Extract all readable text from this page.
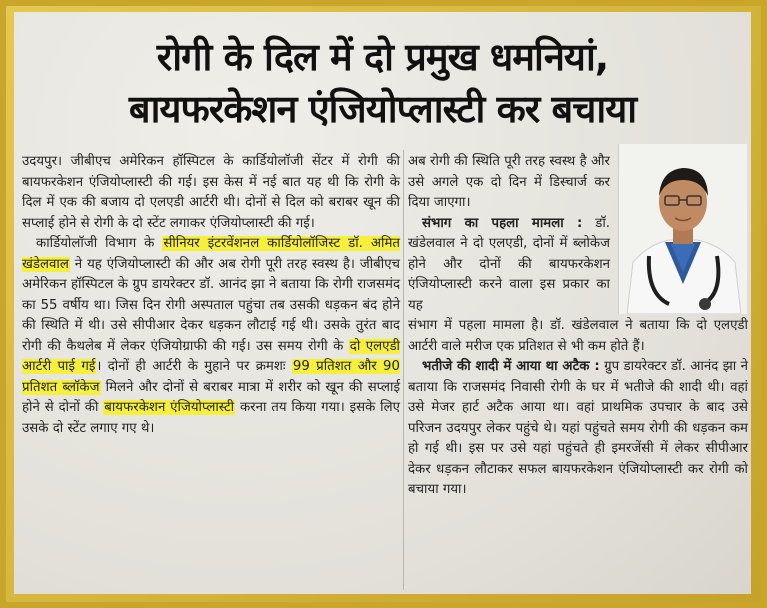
रोगी के दिल में दो प्रमुख धमनियां,
बायफरकेशन एंजियोप्लास्टी कर बचाया

उदयपुर। जीबीएच अमेरिकन हॉस्पिटल के कार्डियोलॉजी सेंटर में रोगी की बायफरकेशन एंजियोप्लास्टी की गई। इस केस में नई बात यह थी कि रोगी के दिल में एक की बजाय दो एलएडी आर्टरी थी। दोनों से दिल को बराबर खून की सप्लाई होने से रोगी के दो स्टेंट लगाकर एंजियोप्लास्टी की गई।

कार्डियोलॉजी विभाग के सीनियर इंटरवेंशनल कार्डियोलॉजिस्ट डॉ. अमित खंडेलवाल ने यह एंजियोप्लास्टी की और अब रोगी पूरी तरह स्वस्थ है। जीबीएच अमेरिकन हॉस्पिटल के ग्रुप डायरेक्टर डॉ. आनंद झा ने बताया कि रोगी राजसमंद का 55 वर्षीय था। जिस दिन रोगी अस्पताल पहुंचा तब उसकी धड़कन बंद होने की स्थिति में थी। उसे सीपीआर देकर धड़कन लौटाई गई थी। उसके तुरंत बाद रोगी की कैथलेब में लेकर एंजियोग्राफी की गई। उस समय रोगी के दो एलएडी आर्टरी पाई गई। दोनों ही आर्टरी के मुहाने पर क्रमशः 99 प्रतिशत और 90 प्रतिशत ब्लॉकेज मिलने और दोनों से बराबर मात्रा में शरीर को खून की सप्लाई होने से दोनों की बायफरकेशन एंजियोप्लास्टी करना तय किया गया। इसके लिए उसके दो स्टेंट लगाए गए थे।

अब रोगी की स्थिति पूरी तरह स्वस्थ है और उसे अगले एक दो दिन में डिस्चार्ज कर दिया जाएगा।

संभाग का पहला मामला : डॉ. खंडेलवाल ने दो एलएडी, दोनों में ब्लोकेज होने और दोनों की बायफरकेशन एंजियोप्लास्टी करने वाला इस प्रकार का यह

संभाग में पहला मामला है। डॉ. खंडेलवाल ने बताया कि दो एलएडी आर्टरी वाले मरीज एक प्रतिशत से भी कम होते हैं।

भतीजे की शादी में आया था अटैक : ग्रुप डायरेक्टर डॉ. आनंद झा ने बताया कि राजसमंद निवासी रोगी के घर में भतीजे की शादी थी। वहां उसे मेजर हार्ट अटैक आया था। वहां प्राथमिक उपचार के बाद उसे परिजन उदयपुर लेकर पहुंचे थे। यहां पहुंचते समय रोगी की धड़कन कम हो गई थी। इस पर उसे यहां पहुंचते ही इमरजेंसी में लेकर सीपीआर देकर धड़कन लौटाकर सफल बायफरकेशन एंजियोप्लास्टी कर रोगी को बचाया गया।
